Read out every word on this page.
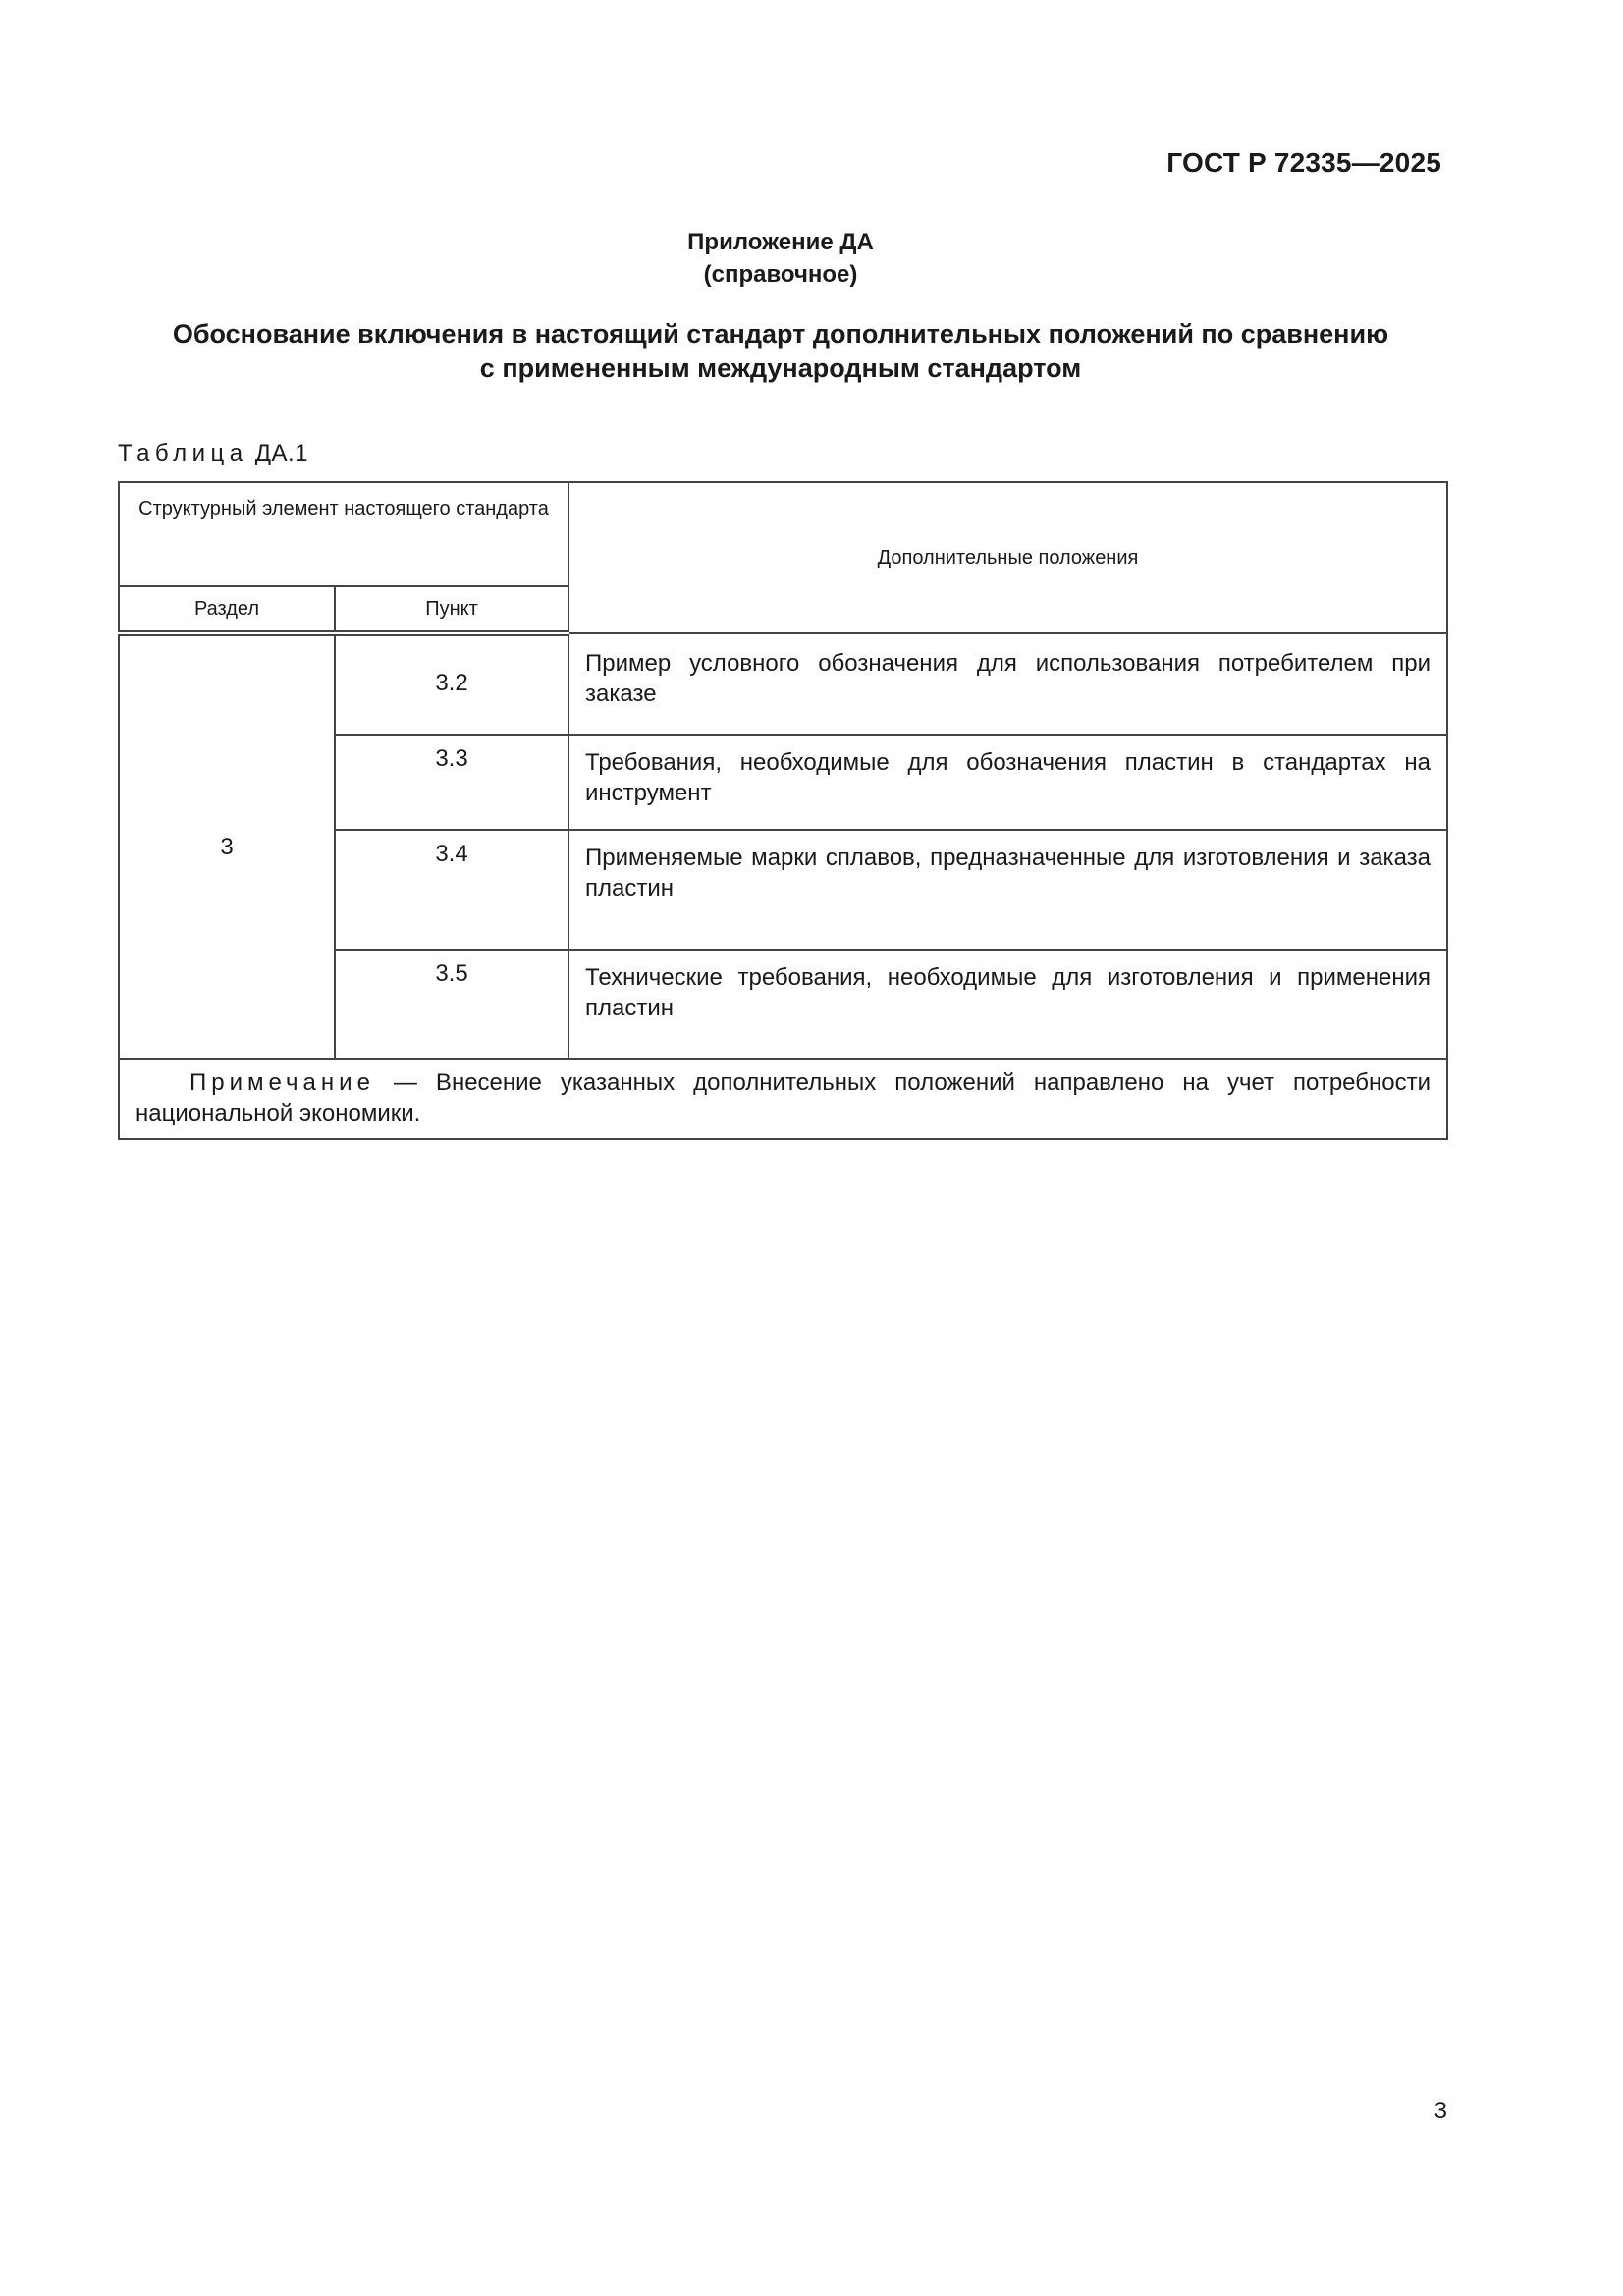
ГОСТ Р 72335—2025
Приложение ДА
(справочное)
Обоснование включения в настоящий стандарт дополнительных положений по сравнению
с примененным международным стандартом
Таблица ДА.1
Структурный элемент настоящего стандарта		Дополнительные положения
Раздел	Пункт	
3	3.2	Пример условного обозначения для использования потребителем при заказе
	3.3	Требования, необходимые для обозначения пластин в стандартах на инструмент
	3.4	Применяемые марки сплавов, предназначенные для изготовления и заказа пластин
	3.5	Технические требования, необходимые для изготовления и применения пластин
Примечание — Внесение указанных дополнительных положений направлено на учет потребности национальной экономики.		
3
